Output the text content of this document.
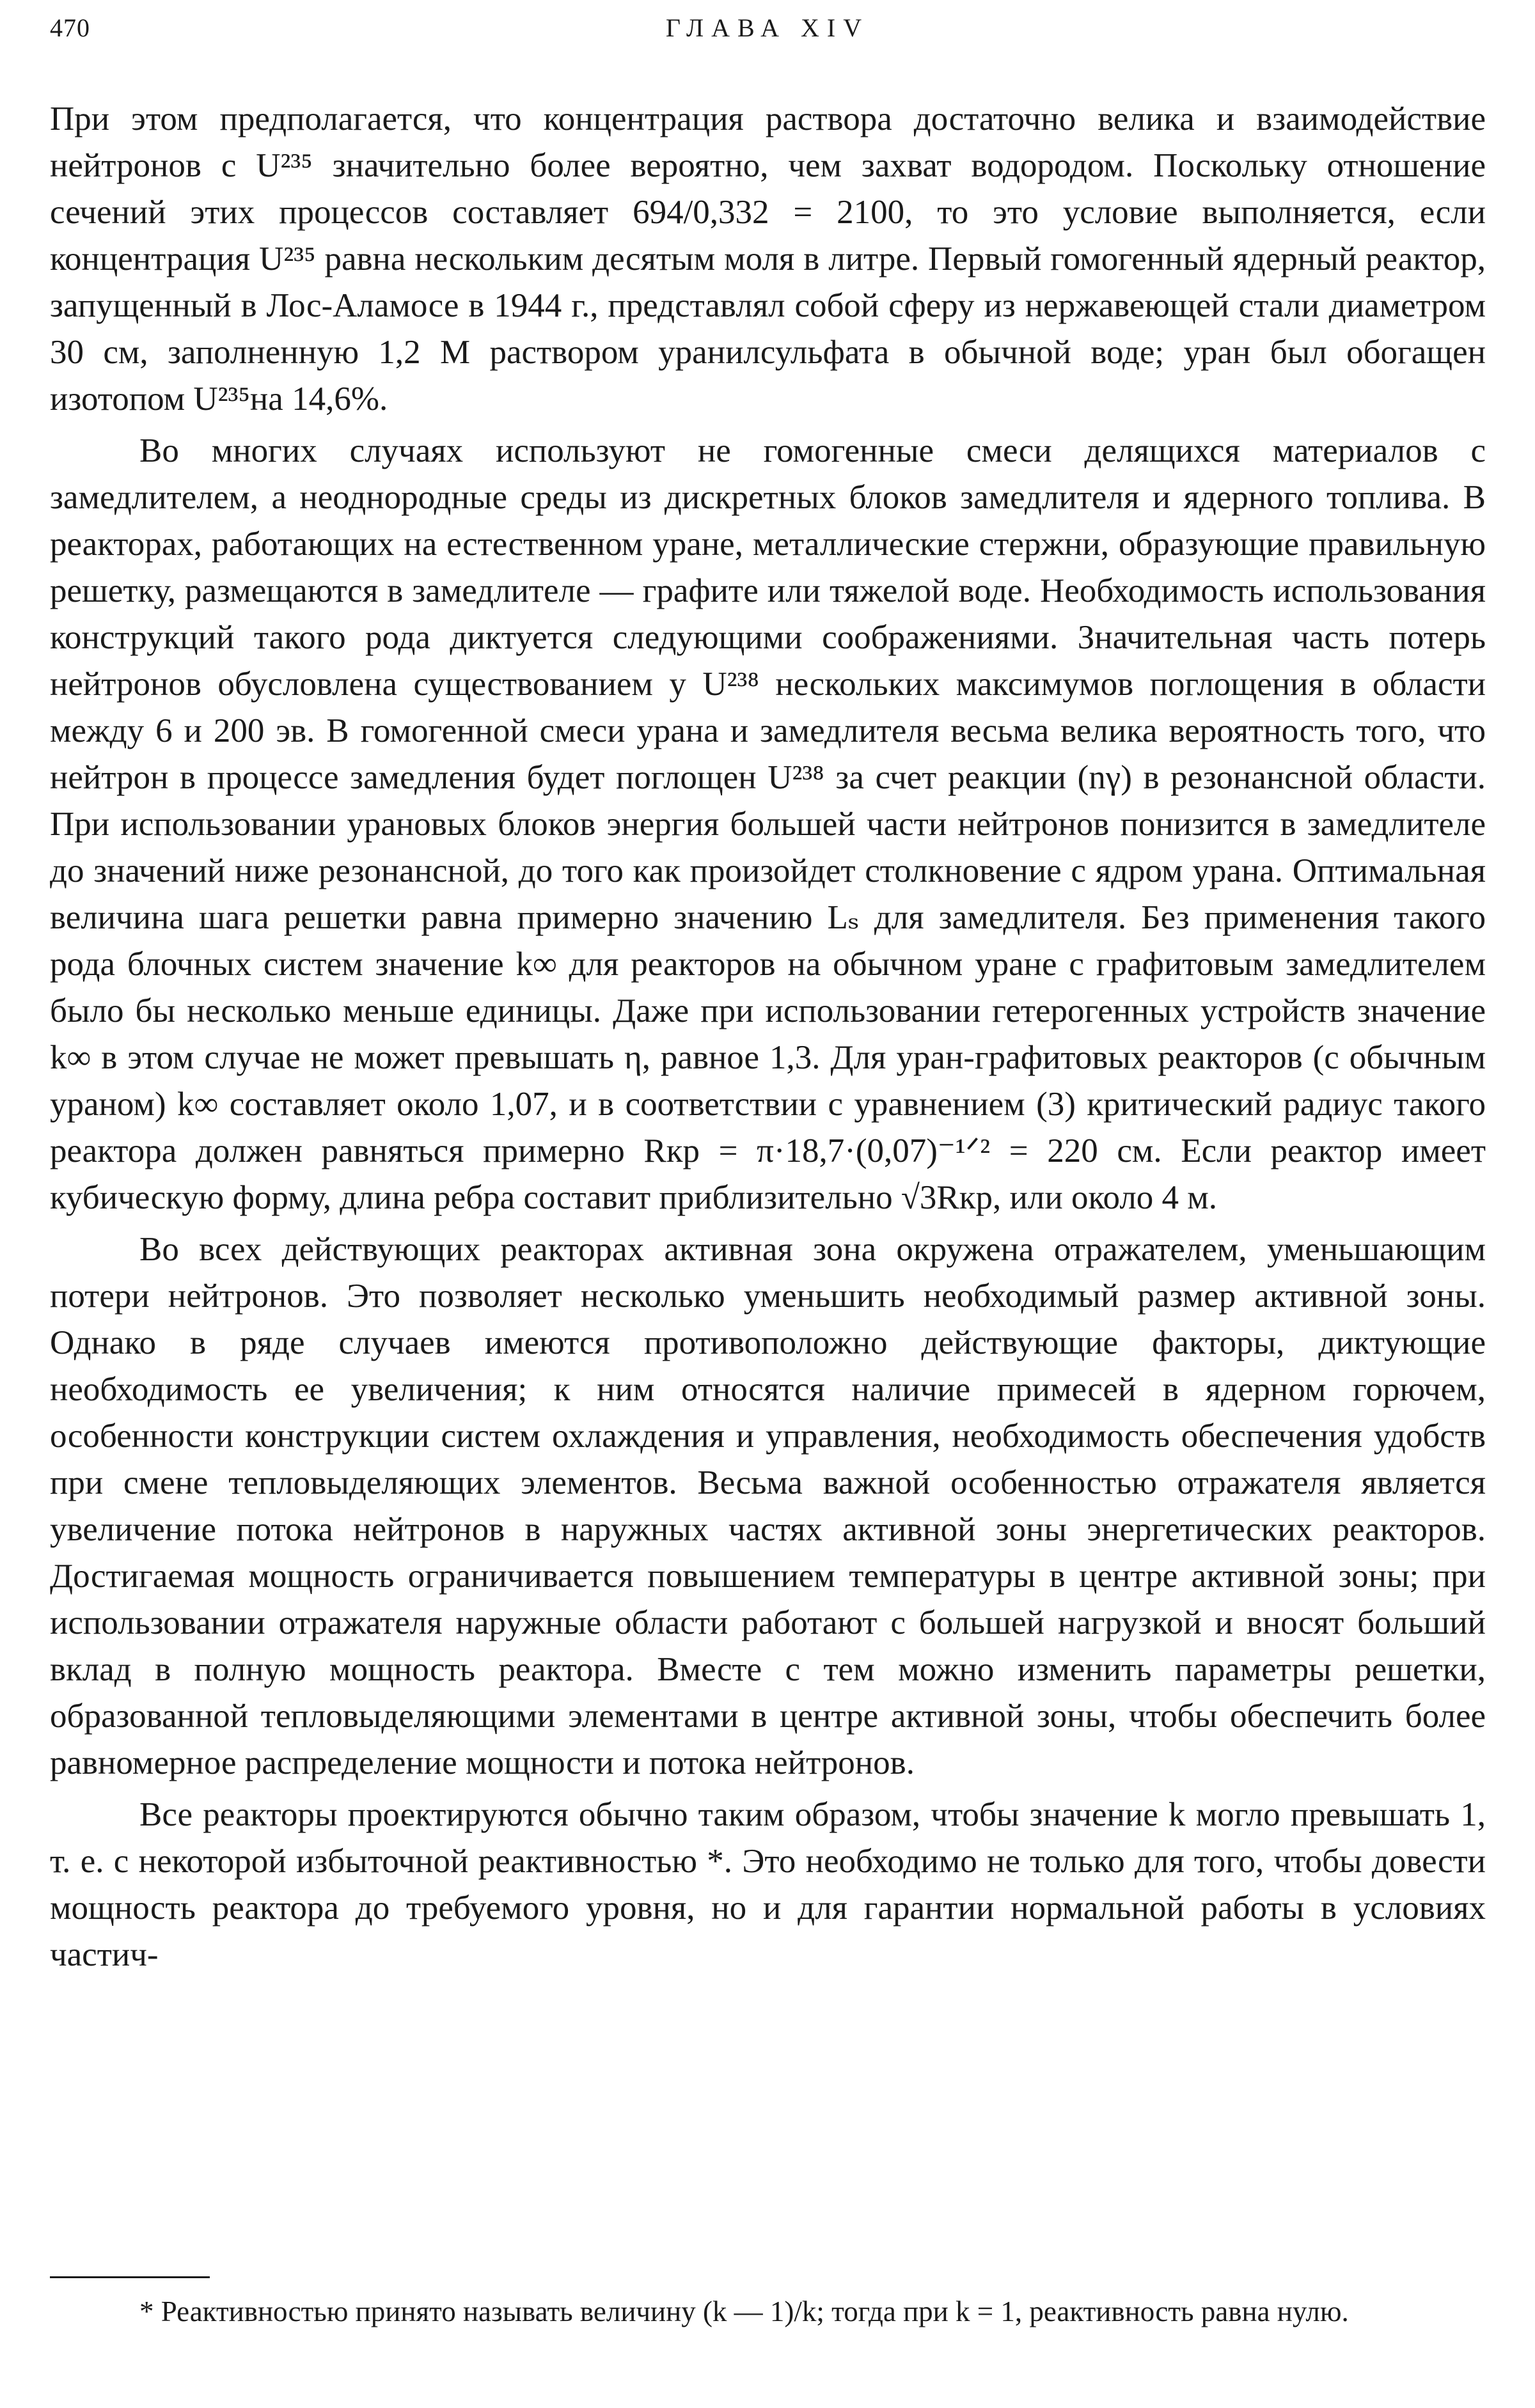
470	ГЛАВА XIV

При этом предполагается, что концентрация раствора достаточно велика и взаимодействие нейтронов с U²³⁵ значительно более вероятно, чем захват водородом. Поскольку отношение сечений этих процессов составляет 694/0,332 = 2100, то это условие выполняется, если концентрация U²³⁵ равна нескольким десятым моля в литре. Первый гомогенный ядерный реактор, запущенный в Лос-Аламосе в 1944 г., представлял собой сферу из нержавеющей стали диаметром 30 см, заполненную 1,2 М раствором уранилсульфата в обычной воде; уран был обогащен изотопом U²³⁵на 14,6%.

Во многих случаях используют не гомогенные смеси делящихся материалов с замедлителем, а неоднородные среды из дискретных блоков замедлителя и ядерного топлива. В реакторах, работающих на естественном уране, металлические стержни, образующие правильную решетку, размещаются в замедлителе — графите или тяжелой воде. Необходимость использования конструкций такого рода диктуется следующими соображениями. Значительная часть потерь нейтронов обусловлена существованием у U²³⁸ нескольких максимумов поглощения в области между 6 и 200 эв. В гомогенной смеси урана и замедлителя весьма велика вероятность того, что нейтрон в процессе замедления будет поглощен U²³⁸ за счет реакции (nγ) в резонансной области. При использовании урановых блоков энергия большей части нейтронов понизится в замедлителе до значений ниже резонансной, до того как произойдет столкновение с ядром урана. Оптимальная величина шага решетки равна примерно значению Lₛ для замедлителя. Без применения такого рода блочных систем значение k∞ для реакторов на обычном уране с графитовым замедлителем было бы несколько меньше единицы. Даже при использовании гетерогенных устройств значение k∞ в этом случае не может превышать η, равное 1,3. Для уран-графитовых реакторов (с обычным ураном) k∞ составляет около 1,07, и в соответствии с уравнением (3) критический радиус такого реактора должен равняться примерно Rкр = π·18,7·(0,07)⁻¹ᐟ² = 220 см. Если реактор имеет кубическую форму, длина ребра составит приблизительно √3Rкр, или около 4 м.

Во всех действующих реакторах активная зона окружена отражателем, уменьшающим потери нейтронов. Это позволяет несколько уменьшить необходимый размер активной зоны. Однако в ряде случаев имеются противоположно действующие факторы, диктующие необходимость ее увеличения; к ним относятся наличие примесей в ядерном горючем, особенности конструкции систем охлаждения и управления, необходимость обеспечения удобств при смене тепловыделяющих элементов. Весьма важной особенностью отражателя является увеличение потока нейтронов в наружных частях активной зоны энергетических реакторов. Достигаемая мощность ограничивается повышением температуры в центре активной зоны; при использовании отражателя наружные области работают с большей нагрузкой и вносят больший вклад в полную мощность реактора. Вместе с тем можно изменить параметры решетки, образованной тепловыделяющими элементами в центре активной зоны, чтобы обеспечить более равномерное распределение мощности и потока нейтронов.

Все реакторы проектируются обычно таким образом, чтобы значение k могло превышать 1, т. е. с некоторой избыточной реактивностью *. Это необходимо не только для того, чтобы довести мощность реактора до требуемого уровня, но и для гарантии нормальной работы в условиях частич-

* Реактивностью принято называть величину (k — 1)/k; тогда при k = 1, реактивность равна нулю.
